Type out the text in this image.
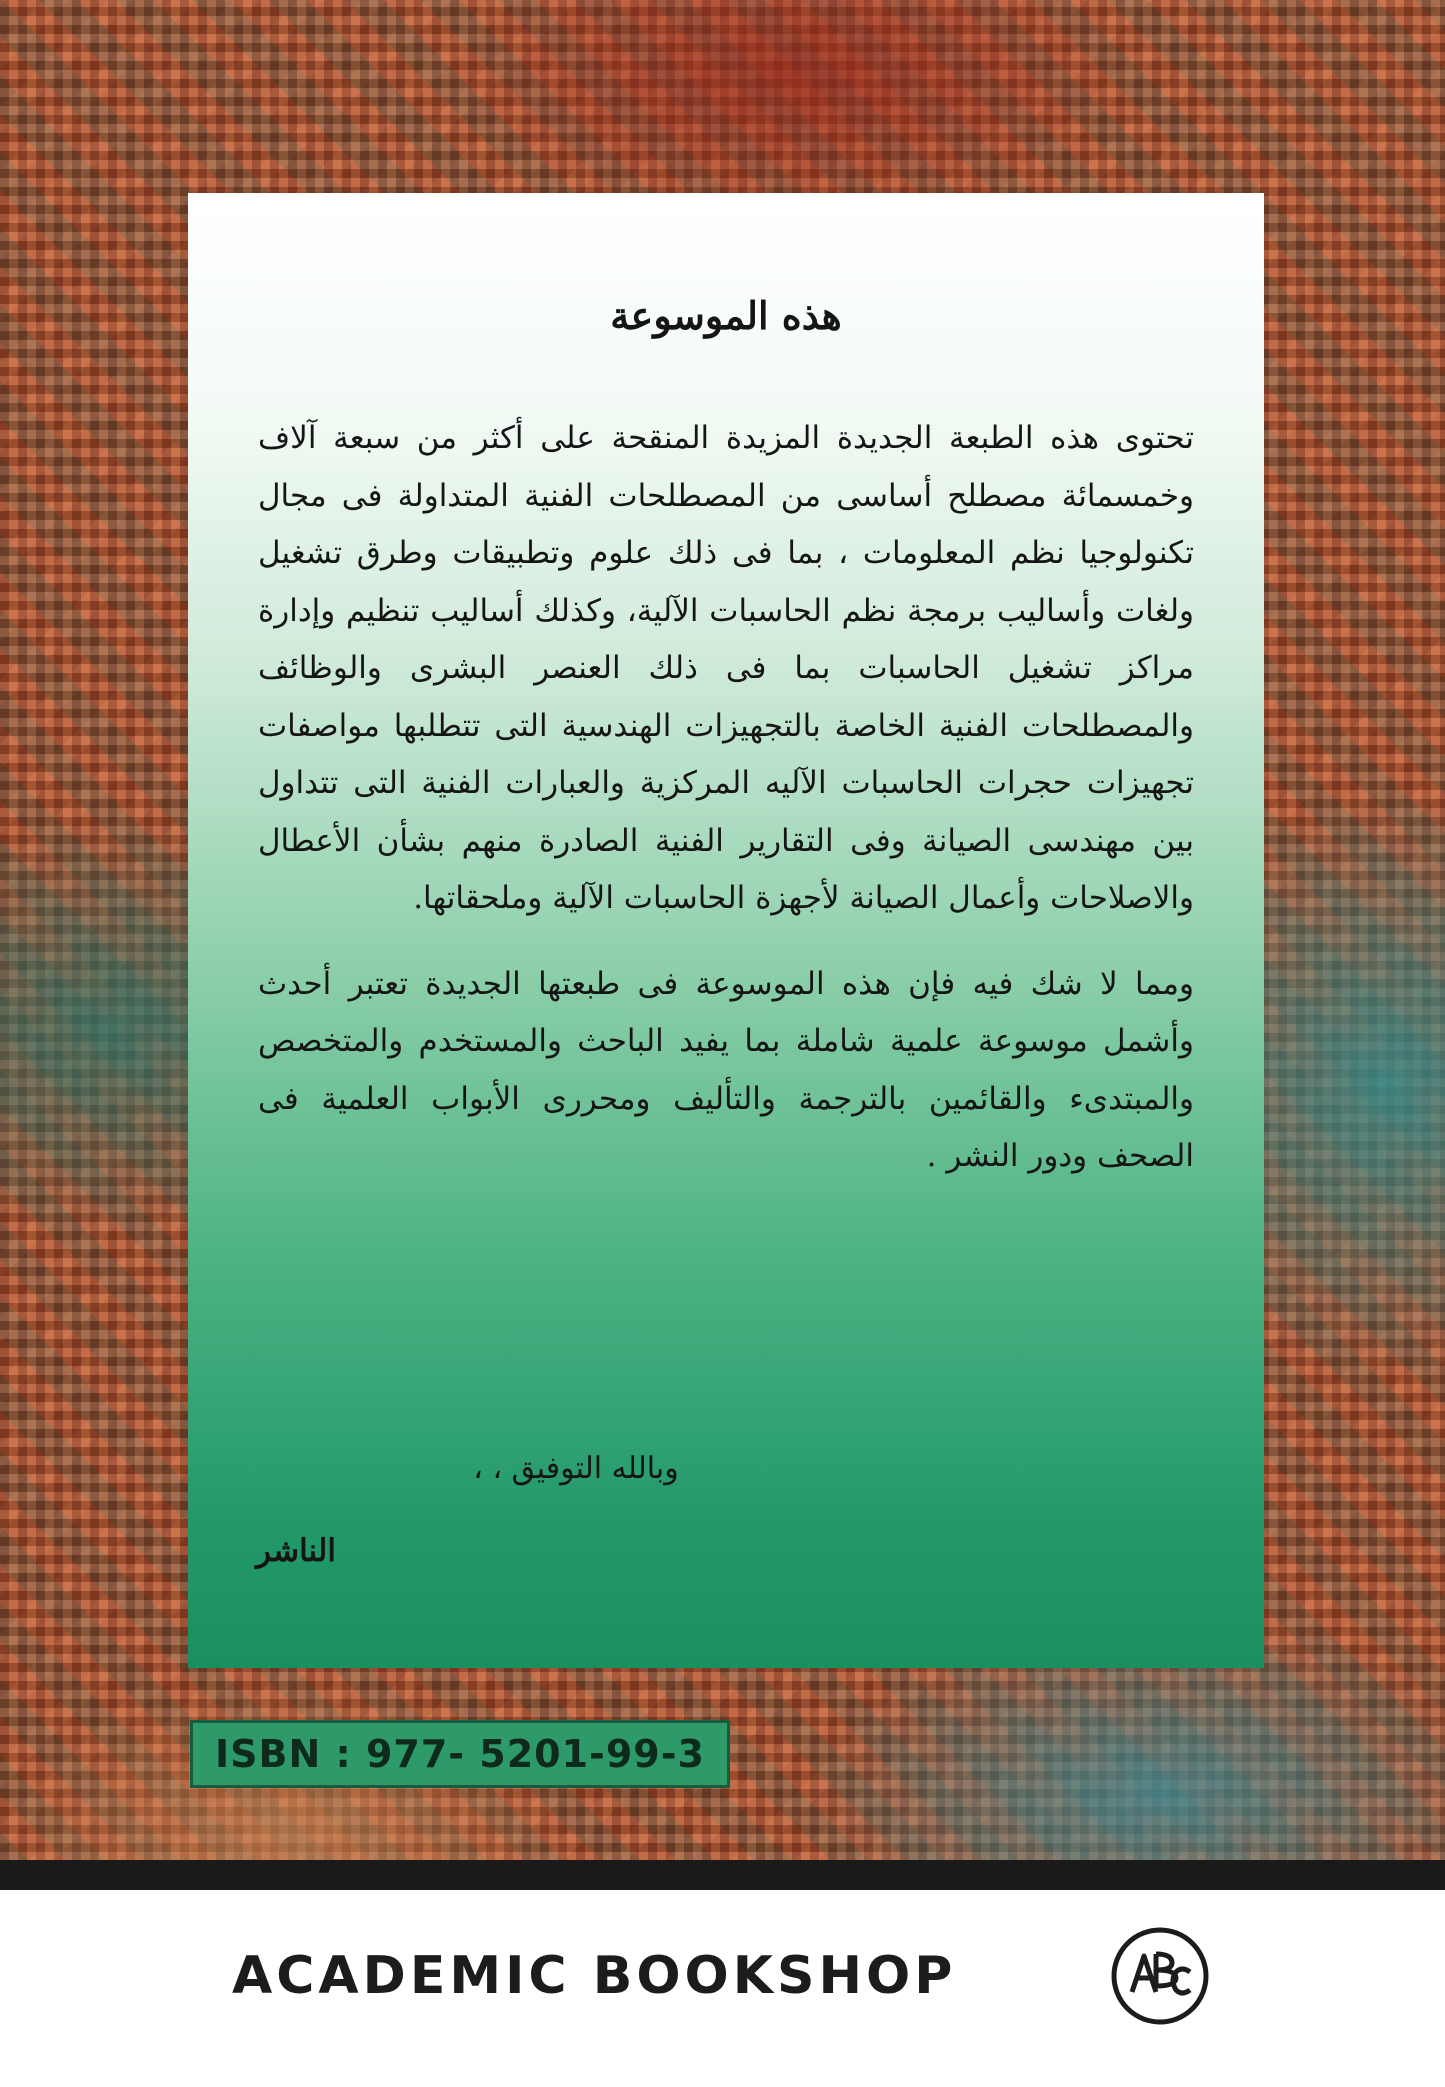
هذه الموسوعة

تحتوى هذه الطبعة الجديدة المزيدة المنقحة على أكثر من سبعة آلاف وخمسمائة مصطلح أساسى من المصطلحات الفنية المتداولة فى مجال تكنولوجيا نظم المعلومات ، بما فى ذلك علوم وتطبيقات وطرق تشغيل ولغات وأساليب برمجة نظم الحاسبات الآلية، وكذلك أساليب تنظيم وإدارة مراكز تشغيل الحاسبات بما فى ذلك العنصر البشرى والوظائف والمصطلحات الفنية الخاصة بالتجهيزات الهندسية التى تتطلبها مواصفات تجهيزات حجرات الحاسبات الآليه المركزية والعبارات الفنية التى تتداول بين مهندسى الصيانة وفى التقارير الفنية الصادرة منهم بشأن الأعطال والاصلاحات وأعمال الصيانة لأجهزة الحاسبات الآلية وملحقاتها.

ومما لا شك فيه فإن هذه الموسوعة فى طبعتها الجديدة تعتبر أحدث وأشمل موسوعة علمية شاملة بما يفيد الباحث والمستخدم والمتخصص والمبتدىء والقائمين بالترجمة والتأليف ومحررى الأبواب العلمية فى الصحف ودور النشر .

وبالله التوفيق ، ،

الناشر

ISBN : 977- 5201-99-3
ACADEMIC BOOKSHOP
